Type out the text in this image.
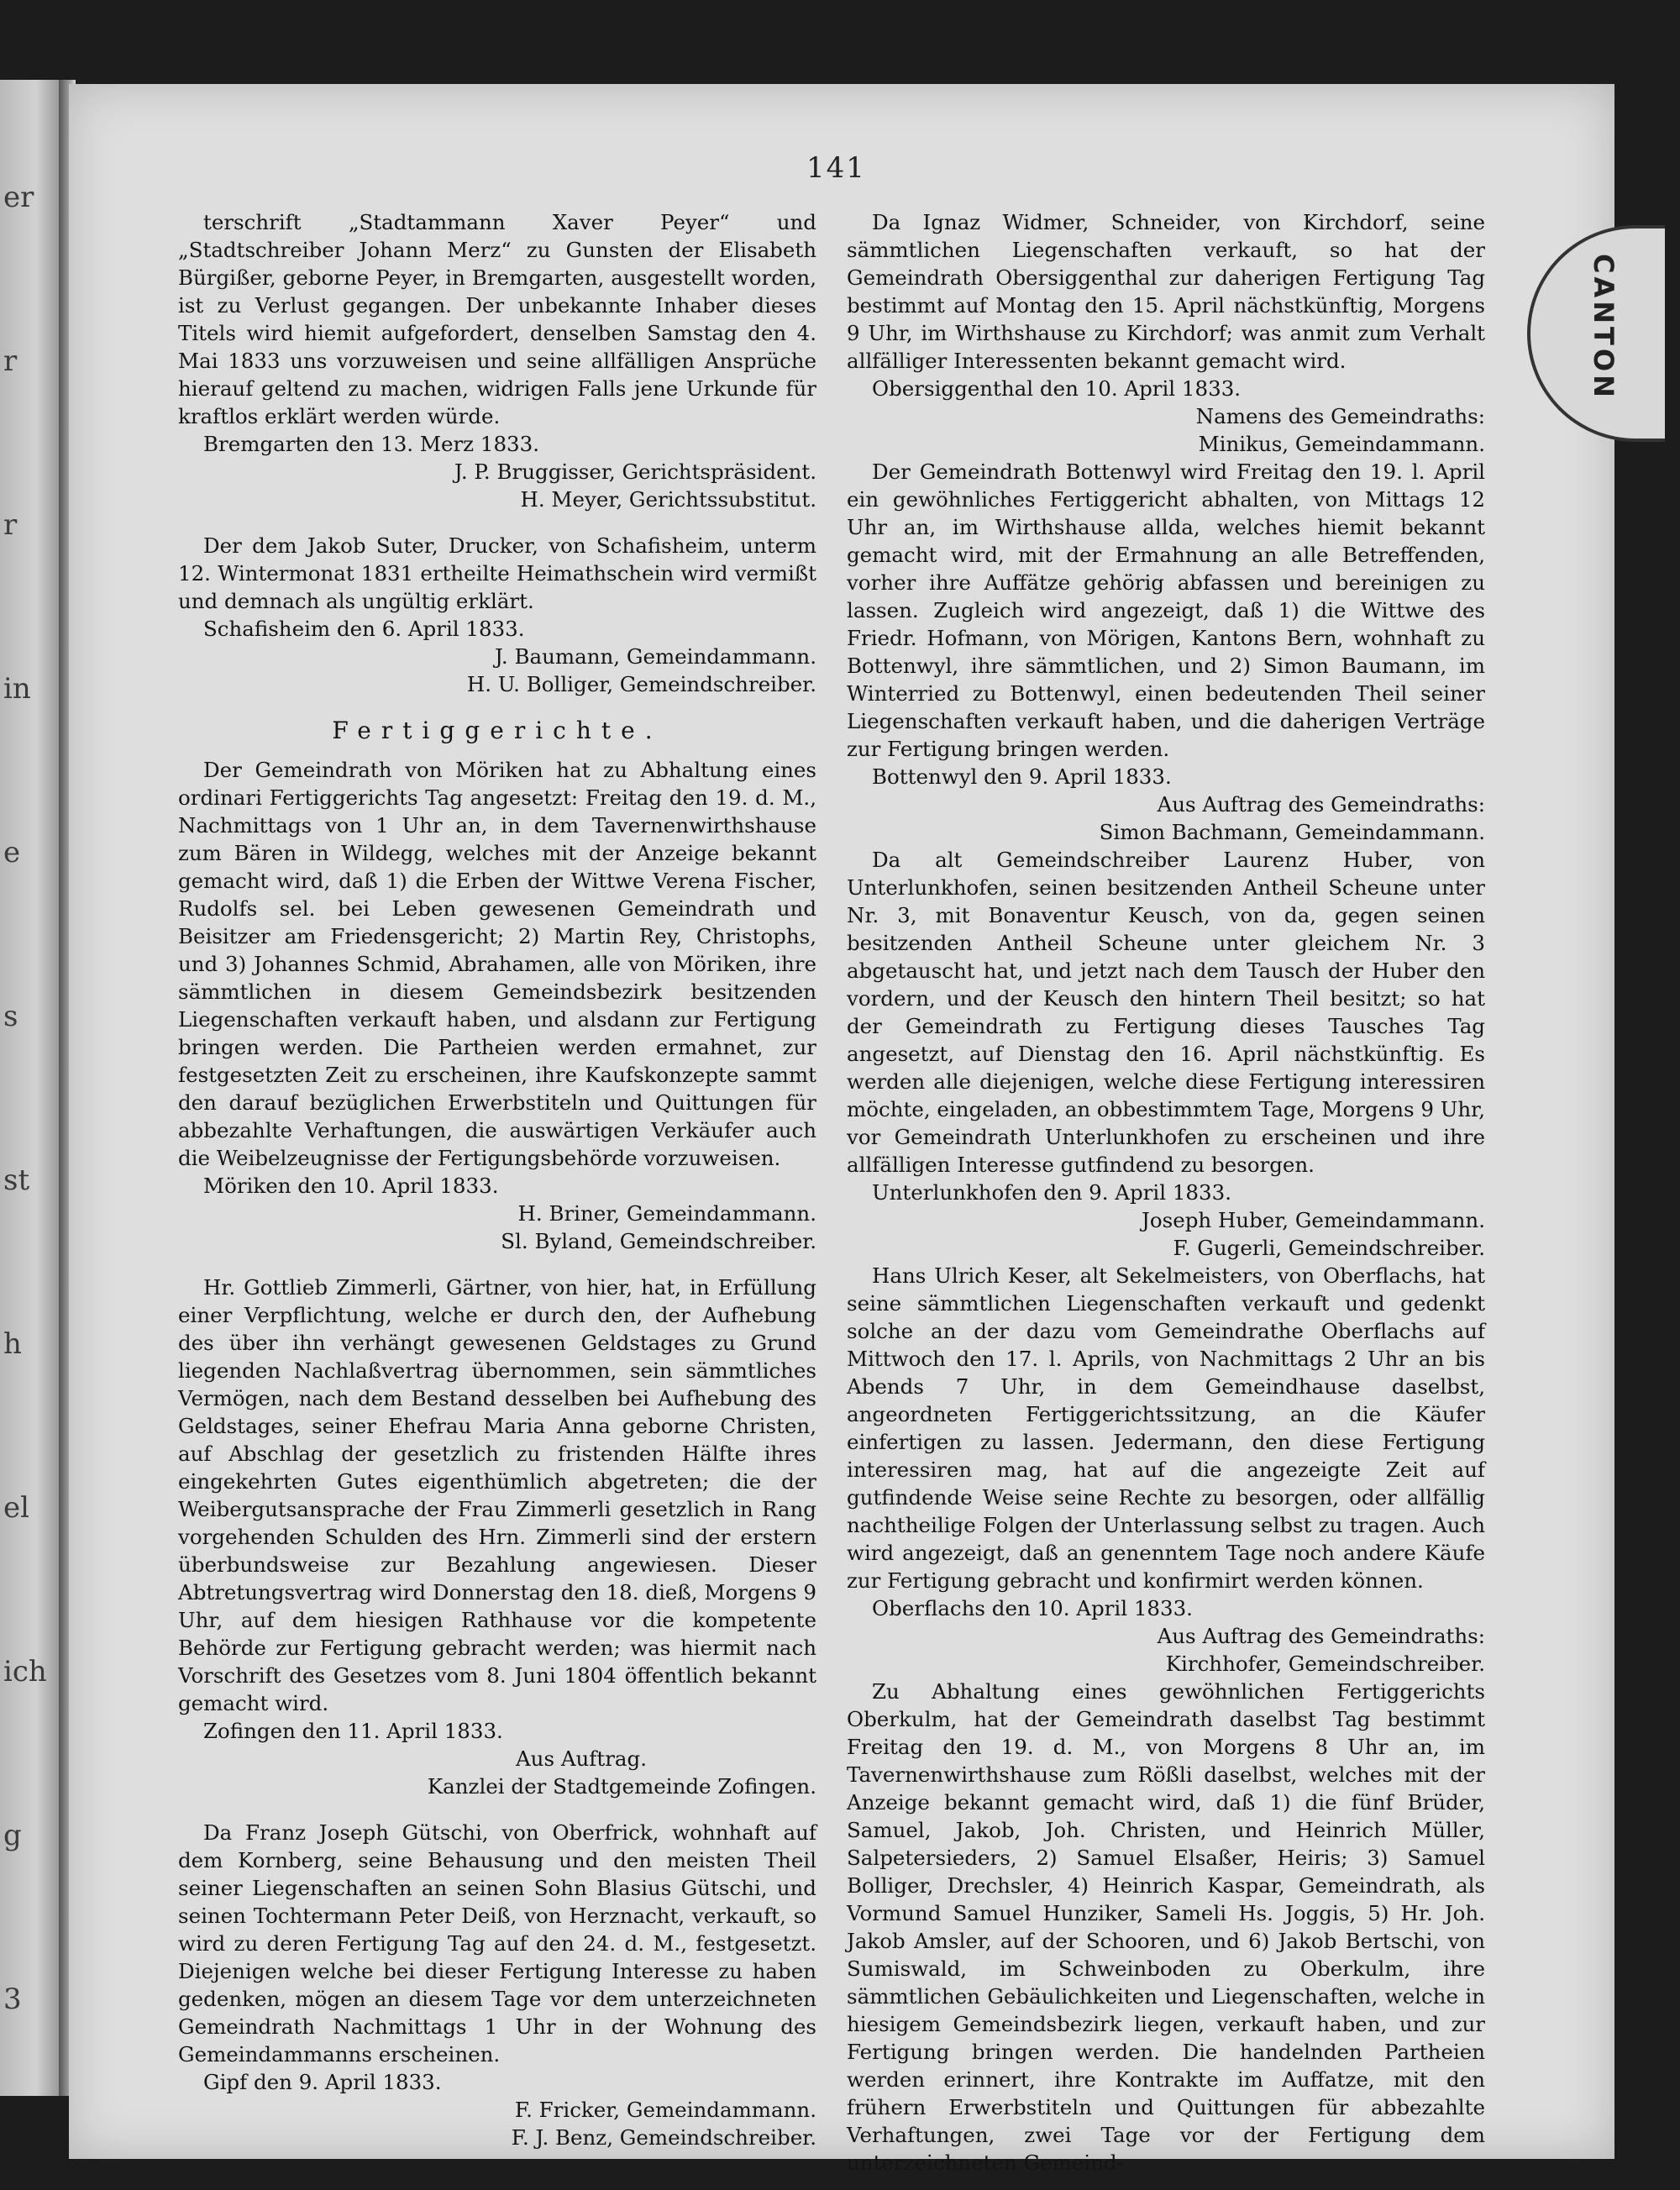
er
r
r
in
e
s
st
h
el
ich
g
3
141
CANTON

terschrift „Stadtammann Xaver Peyer“ und „Stadtschreiber Johann Merz“ zu Gunsten der Elisabeth Bürgißer, geborne Peyer, in Bremgarten, ausgestellt worden, ist zu Verlust gegangen. Der unbekannte Inhaber dieses Titels wird hiemit aufgefordert, denselben Samstag den 4. Mai 1833 uns vorzuweisen und seine allfälligen Ansprüche hierauf geltend zu machen, widrigen Falls jene Urkunde für kraftlos erklärt werden würde.

Bremgarten den 13. Merz 1833.
J. P. Bruggisser, Gerichtspräsident.
H. Meyer, Gerichtssubstitut.

Der dem Jakob Suter, Drucker, von Schafisheim, unterm 12. Wintermonat 1831 ertheilte Heimathschein wird vermißt und demnach als ungültig erklärt.

Schafisheim den 6. April 1833.
J. Baumann, Gemeindammann.
H. U. Bolliger, Gemeindschreiber.
Fertiggerichte.

Der Gemeindrath von Möriken hat zu Abhaltung eines ordinari Fertiggerichts Tag angesetzt: Freitag den 19. d. M., Nachmittags von 1 Uhr an, in dem Tavernenwirthshause zum Bären in Wildegg, welches mit der Anzeige bekannt gemacht wird, daß 1) die Erben der Wittwe Verena Fischer, Rudolfs sel. bei Leben gewesenen Gemeindrath und Beisitzer am Friedensgericht; 2) Martin Rey, Christophs, und 3) Johannes Schmid, Abrahamen, alle von Möriken, ihre sämmtlichen in diesem Gemeindsbezirk besitzenden Liegenschaften verkauft haben, und alsdann zur Fertigung bringen werden. Die Partheien werden ermahnet, zur festgesetzten Zeit zu erscheinen, ihre Kaufskonzepte sammt den darauf bezüglichen Erwerbstiteln und Quittungen für abbezahlte Verhaftungen, die auswärtigen Verkäufer auch die Weibelzeugnisse der Fertigungsbehörde vorzuweisen.

Möriken den 10. April 1833.
H. Briner, Gemeindammann.
Sl. Byland, Gemeindschreiber.

Hr. Gottlieb Zimmerli, Gärtner, von hier, hat, in Erfüllung einer Verpflichtung, welche er durch den, der Aufhebung des über ihn verhängt gewesenen Geldstages zu Grund liegenden Nachlaßvertrag übernommen, sein sämmtliches Vermögen, nach dem Bestand desselben bei Aufhebung des Geldstages, seiner Ehefrau Maria Anna geborne Christen, auf Abschlag der gesetzlich zu fristenden Hälfte ihres eingekehrten Gutes eigenthümlich abgetreten; die der Weibergutsansprache der Frau Zimmerli gesetzlich in Rang vorgehenden Schulden des Hrn. Zimmerli sind der erstern überbundsweise zur Bezahlung angewiesen. Dieser Abtretungsvertrag wird Donnerstag den 18. dieß, Morgens 9 Uhr, auf dem hiesigen Rathhause vor die kompetente Behörde zur Fertigung gebracht werden; was hiermit nach Vorschrift des Gesetzes vom 8. Juni 1804 öffentlich bekannt gemacht wird.

Zofingen den 11. April 1833.
Aus Auftrag.
Kanzlei der Stadtgemeinde Zofingen.

Da Franz Joseph Gütschi, von Oberfrick, wohnhaft auf dem Kornberg, seine Behausung und den meisten Theil seiner Liegenschaften an seinen Sohn Blasius Gütschi, und seinen Tochtermann Peter Deiß, von Herznacht, verkauft, so wird zu deren Fertigung Tag auf den 24. d. M., festgesetzt. Diejenigen welche bei dieser Fertigung Interesse zu haben gedenken, mögen an diesem Tage vor dem unterzeichneten Gemeindrath Nachmittags 1 Uhr in der Wohnung des Gemeindammanns erscheinen.

Gipf den 9. April 1833.
F. Fricker, Gemeindammann.
F. J. Benz, Gemeindschreiber.

Da Ignaz Widmer, Schneider, von Kirchdorf, seine sämmtlichen Liegenschaften verkauft, so hat der Gemeindrath Obersiggenthal zur daherigen Fertigung Tag bestimmt auf Montag den 15. April nächstkünftig, Morgens 9 Uhr, im Wirthshause zu Kirchdorf; was anmit zum Verhalt allfälliger Interessenten bekannt gemacht wird.

Obersiggenthal den 10. April 1833.
Namens des Gemeindraths:
Minikus, Gemeindammann.

Der Gemeindrath Bottenwyl wird Freitag den 19. l. April ein gewöhnliches Fertiggericht abhalten, von Mittags 12 Uhr an, im Wirthshause allda, welches hiemit bekannt gemacht wird, mit der Ermahnung an alle Betreffenden, vorher ihre Auffätze gehörig abfassen und bereinigen zu lassen. Zugleich wird angezeigt, daß 1) die Wittwe des Friedr. Hofmann, von Mörigen, Kantons Bern, wohnhaft zu Bottenwyl, ihre sämmtlichen, und 2) Simon Baumann, im Winterried zu Bottenwyl, einen bedeutenden Theil seiner Liegenschaften verkauft haben, und die daherigen Verträge zur Fertigung bringen werden.

Bottenwyl den 9. April 1833.
Aus Auftrag des Gemeindraths:
Simon Bachmann, Gemeindammann.

Da alt Gemeindschreiber Laurenz Huber, von Unterlunkhofen, seinen besitzenden Antheil Scheune unter Nr. 3, mit Bonaventur Keusch, von da, gegen seinen besitzenden Antheil Scheune unter gleichem Nr. 3 abgetauscht hat, und jetzt nach dem Tausch der Huber den vordern, und der Keusch den hintern Theil besitzt; so hat der Gemeindrath zu Fertigung dieses Tausches Tag angesetzt, auf Dienstag den 16. April nächstkünftig. Es werden alle diejenigen, welche diese Fertigung interessiren möchte, eingeladen, an obbestimmtem Tage, Morgens 9 Uhr, vor Gemeindrath Unterlunkhofen zu erscheinen und ihre allfälligen Interesse gutfindend zu besorgen.

Unterlunkhofen den 9. April 1833.
Joseph Huber, Gemeindammann.
F. Gugerli, Gemeindschreiber.

Hans Ulrich Keser, alt Sekelmeisters, von Oberflachs, hat seine sämmtlichen Liegenschaften verkauft und gedenkt solche an der dazu vom Gemeindrathe Oberflachs auf Mittwoch den 17. l. Aprils, von Nachmittags 2 Uhr an bis Abends 7 Uhr, in dem Gemeindhause daselbst, angeordneten Fertiggerichtssitzung, an die Käufer einfertigen zu lassen. Jedermann, den diese Fertigung interessiren mag, hat auf die angezeigte Zeit auf gutfindende Weise seine Rechte zu besorgen, oder allfällig nachtheilige Folgen der Unterlassung selbst zu tragen. Auch wird angezeigt, daß an genenntem Tage noch andere Käufe zur Fertigung gebracht und konfirmirt werden können.

Oberflachs den 10. April 1833.
Aus Auftrag des Gemeindraths:
Kirchhofer, Gemeindschreiber.

Zu Abhaltung eines gewöhnlichen Fertiggerichts Oberkulm, hat der Gemeindrath daselbst Tag bestimmt Freitag den 19. d. M., von Morgens 8 Uhr an, im Tavernenwirthshause zum Rößli daselbst, welches mit der Anzeige bekannt gemacht wird, daß 1) die fünf Brüder, Samuel, Jakob, Joh. Christen, und Heinrich Müller, Salpetersieders, 2) Samuel Elsaßer, Heiris; 3) Samuel Bolliger, Drechsler, 4) Heinrich Kaspar, Gemeindrath, als Vormund Samuel Hunziker, Sameli Hs. Joggis, 5) Hr. Joh. Jakob Amsler, auf der Schooren, und 6) Jakob Bertschi, von Sumiswald, im Schweinboden zu Oberkulm, ihre sämmtlichen Gebäulichkeiten und Liegenschaften, welche in hiesigem Gemeindsbezirk liegen, verkauft haben, und zur Fertigung bringen werden. Die handelnden Partheien werden erinnert, ihre Kontrakte im Auffatze, mit den frühern Erwerbstiteln und Quittungen für abbezahlte Verhaftungen, zwei Tage vor der Fertigung dem unterzeichneten Gemeind-
